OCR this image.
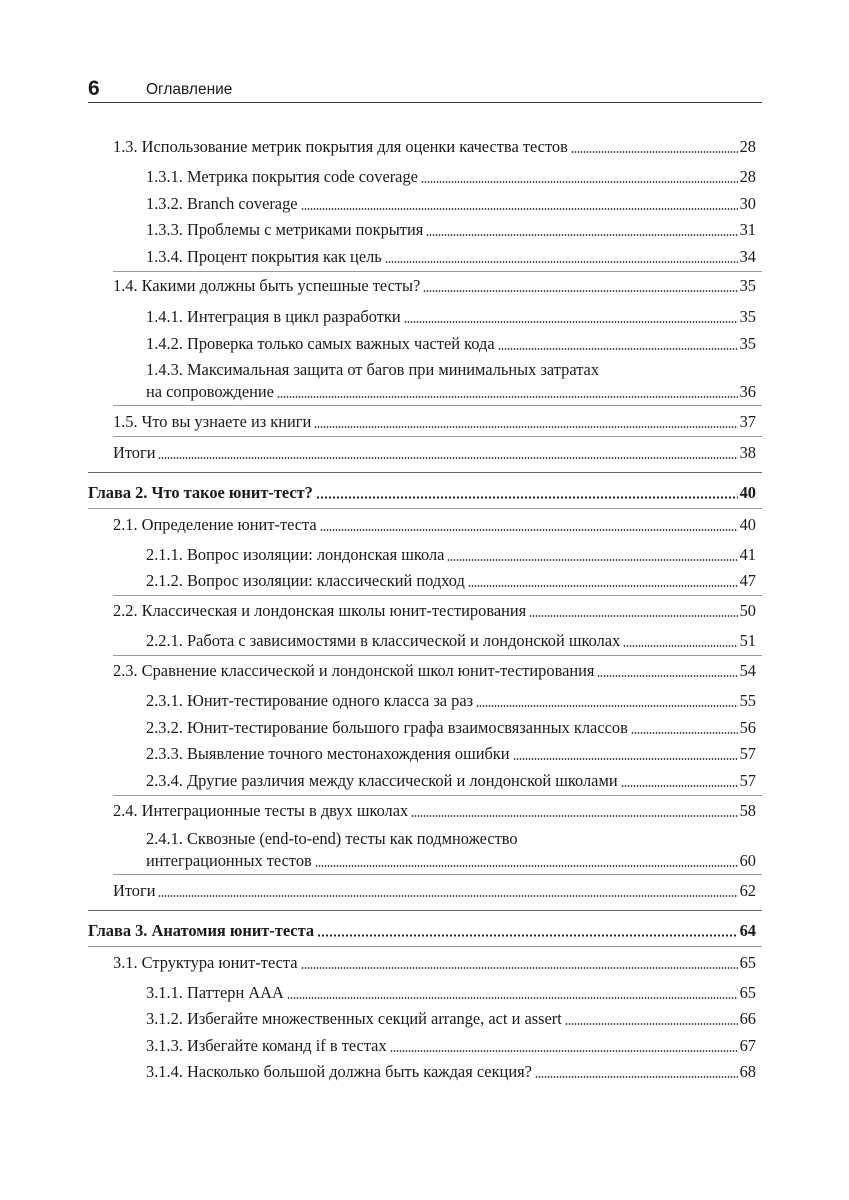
6	Оглавление
1.3. Использование метрик покрытия для оценки качества тестов	28
1.3.1. Метрика покрытия code coverage	28
1.3.2. Branch coverage	30
1.3.3. Проблемы с метриками покрытия	31
1.3.4. Процент покрытия как цель	34
1.4. Какими должны быть успешные тесты?	35
1.4.1. Интеграция в цикл разработки	35
1.4.2. Проверка только самых важных частей кода	35
1.4.3. Максимальная защита от багов при минимальных затратах
на сопровождение	36
1.5. Что вы узнаете из книги	37
Итоги	38
Глава 2. Что такое юнит-тест?	40
2.1. Определение юнит-теста	40
2.1.1. Вопрос изоляции: лондонская школа	41
2.1.2. Вопрос изоляции: классический подход	47
2.2. Классическая и лондонская школы юнит-тестирования	50
2.2.1. Работа с зависимостями в классической и лондонской школах	51
2.3. Сравнение классической и лондонской школ юнит-тестирования	54
2.3.1. Юнит-тестирование одного класса за раз	55
2.3.2. Юнит-тестирование большого графа взаимосвязанных классов	56
2.3.3. Выявление точного местонахождения ошибки	57
2.3.4. Другие различия между классической и лондонской школами	57
2.4. Интеграционные тесты в двух школах	58
2.4.1. Сквозные (end-to-end) тесты как подмножество
интеграционных тестов	60
Итоги	62
Глава 3. Анатомия юнит-теста	64
3.1. Структура юнит-теста	65
3.1.1. Паттерн AAA	65
3.1.2. Избегайте множественных секций arrange, act и assert	66
3.1.3. Избегайте команд if в тестах	67
3.1.4. Насколько большой должна быть каждая секция?	68
